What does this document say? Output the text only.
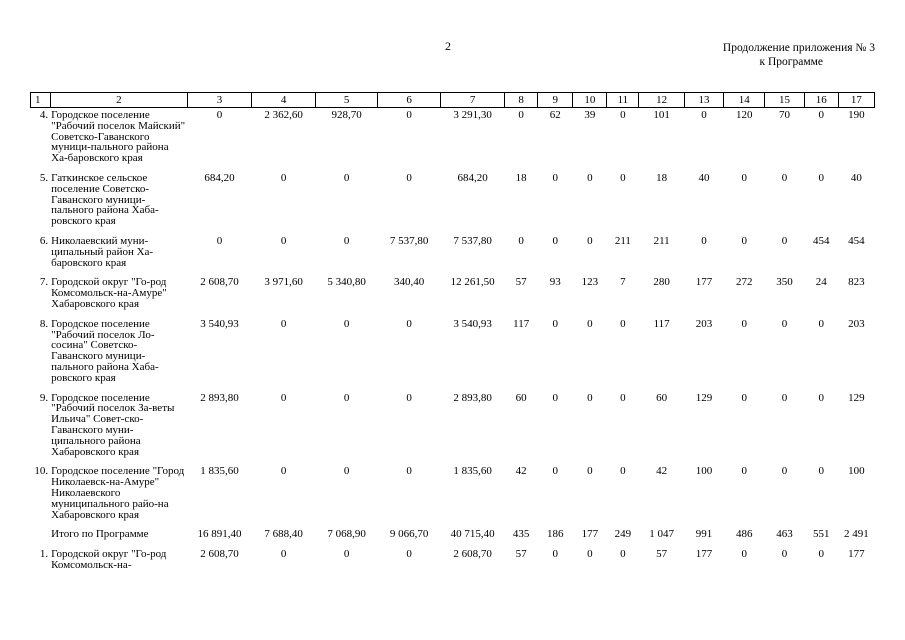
2	Продолжение приложения № 3
к Программе
1	2	3	4	5	6	7	8	9	10	11	12	13	14	15	16	17
4.	Городское поселение "Рабочий поселок Майский" Советско-Гаванского муници-пального района Ха-баровского края	0	2 362,60	928,70	0	3 291,30	0	62	39	0	101	0	120	70	0	190
5.	Гаткинское сельское поселение Советско-Гаванского муници-пального района Хаба-ровского края	684,20	0	0	0	684,20	18	0	0	0	18	40	0	0	0	40
6.	Николаевский муни-ципальный район Ха-баровского края	0	0	0	7 537,80	7 537,80	0	0	0	211	211	0	0	0	454	454
7.	Городской округ "Го-род Комсомольск-на-Амуре" Хабаровского края	2 608,70	3 971,60	5 340,80	340,40	12 261,50	57	93	123	7	280	177	272	350	24	823
8.	Городское поселение "Рабочий поселок Ло-сосина" Советско-Гаванского муници-пального района Хаба-ровского края	3 540,93	0	0	0	3 540,93	117	0	0	0	117	203	0	0	0	203
9.	Городское поселение "Рабочий поселок За-веты Ильича" Совет-ско-Гаванского муни-ципального района Хабаровского края	2 893,80	0	0	0	2 893,80	60	0	0	0	60	129	0	0	0	129
10.	Городское поселение "Город Николаевск-на-Амуре" Николаевского муниципального райо-на Хабаровского края	1 835,60	0	0	0	1 835,60	42	0	0	0	42	100	0	0	0	100
	Итого по Программе	16 891,40	7 688,40	7 068,90	9 066,70	40 715,40	435	186	177	249	1 047	991	486	463	551	2 491
1.	Городской округ "Го-род Комсомольск-на-	2 608,70	0	0	0	2 608,70	57	0	0	0	57	177	0	0	0	177
